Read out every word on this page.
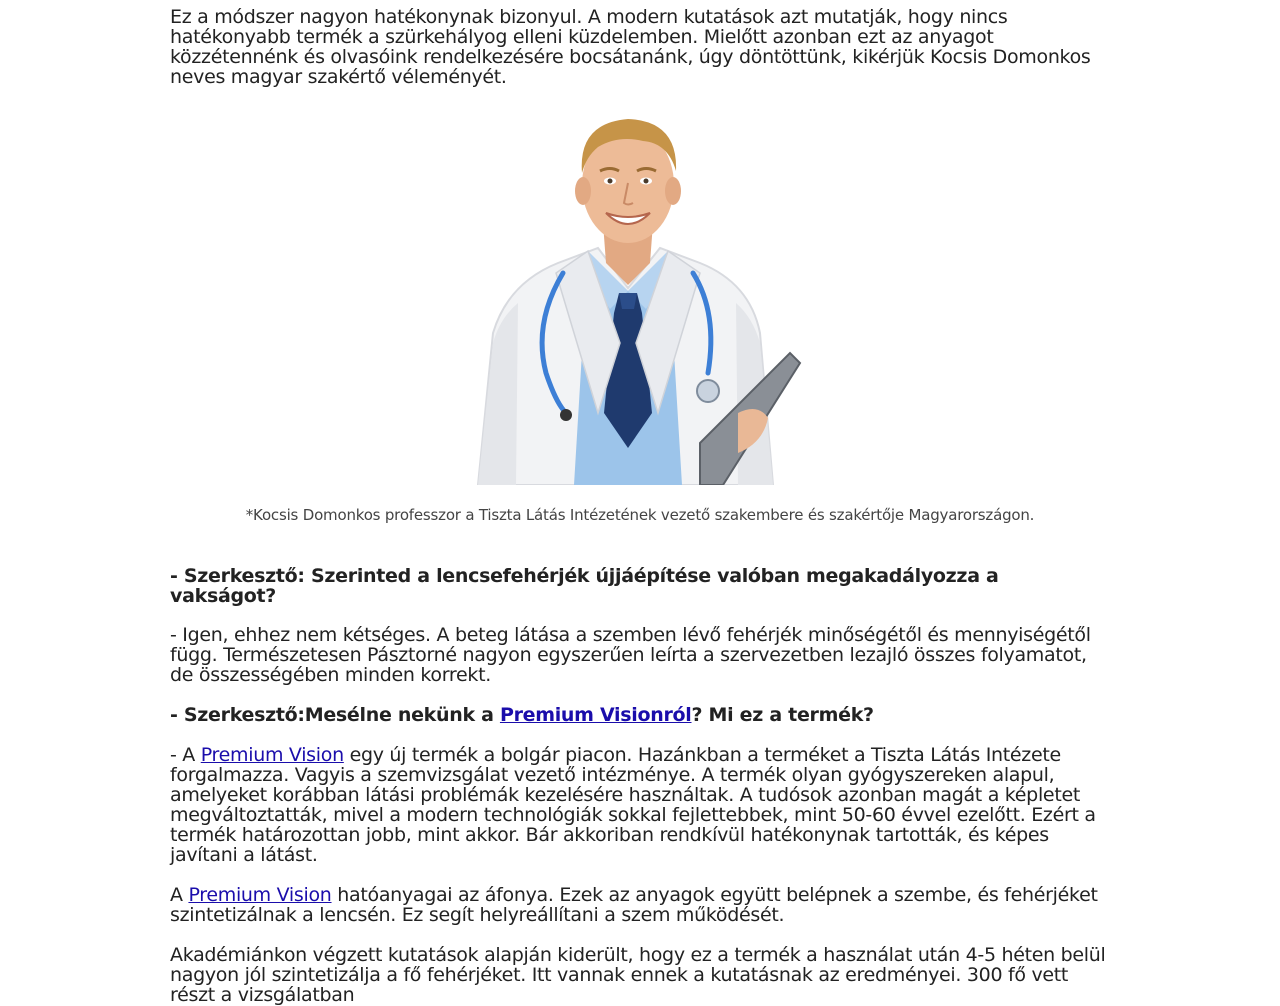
Ez a módszer nagyon hatékonynak bizonyul. A modern kutatások azt mutatják, hogy nincs hatékonyabb termék a szürkehályog elleni küzdelemben. Mielőtt azonban ezt az anyagot közzétennénk és olvasóink rendelkezésére bocsátanánk, úgy döntöttünk, kikérjük Kocsis Domonkos neves magyar szakértő véleményét.

*Kocsis Domonkos professzor a Tiszta Látás Intézetének vezető szakembere és szakértője Magyarországon.

- Szerkesztő: Szerinted a lencsefehérjék újjáépítése valóban megakadályozza a vakságot?

- Igen, ehhez nem kétséges. A beteg látása a szemben lévő fehérjék minőségétől és mennyiségétől függ. Természetesen Pásztorné nagyon egyszerűen leírta a szervezetben lezajló összes folyamatot, de összességében minden korrekt.

- Szerkesztő:Mesélne nekünk a Premium Visionról? Mi ez a termék?

- A Premium Vision egy új termék a bolgár piacon. Hazánkban a terméket a Tiszta Látás Intézete forgalmazza. Vagyis a szemvizsgálat vezető intézménye. A termék olyan gyógyszereken alapul, amelyeket korábban látási problémák kezelésére használtak. A tudósok azonban magát a képletet megváltoztatták, mivel a modern technológiák sokkal fejlettebbek, mint 50-60 évvel ezelőtt. Ezért a termék határozottan jobb, mint akkor. Bár akkoriban rendkívül hatékonynak tartották, és képes javítani a látást.

A Premium Vision hatóanyagai az áfonya. Ezek az anyagok együtt belépnek a szembe, és fehérjéket szintetizálnak a lencsén. Ez segít helyreállítani a szem működését.

Akadémiánkon végzett kutatások alapján kiderült, hogy ez a termék a használat után 4-5 héten belül nagyon jól szintetizálja a fő fehérjéket. Itt vannak ennek a kutatásnak az eredményei. 300 fő vett részt a vizsgálatban
